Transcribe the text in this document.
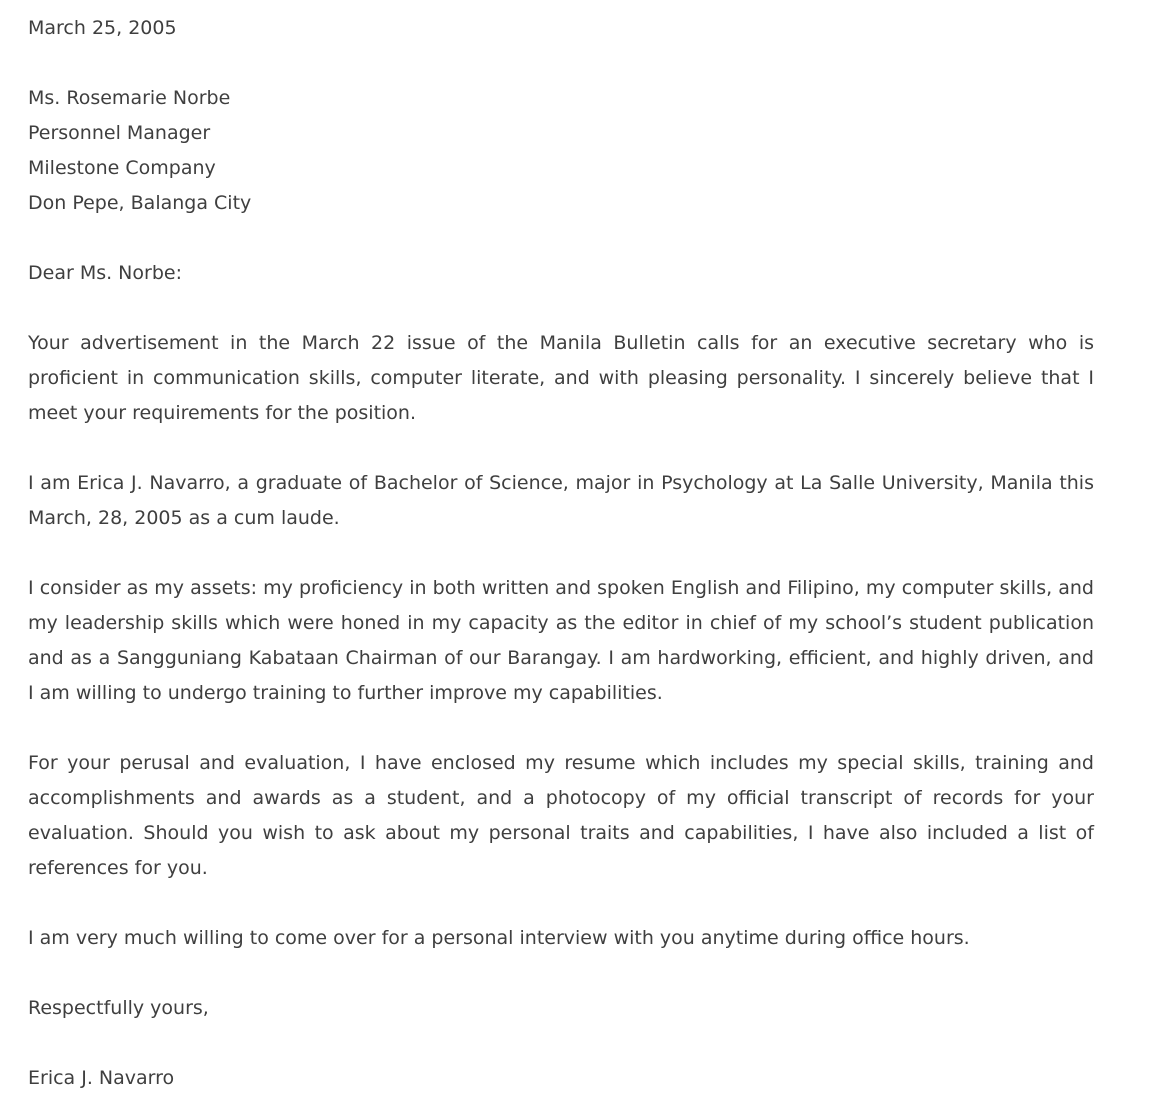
March 25, 2005

Ms. Rosemarie Norbe

Personnel Manager

Milestone Company

Don Pepe, Balanga City

Dear Ms. Norbe:

Your advertisement in the March 22 issue of the Manila Bulletin calls for an executive secretary who is proficient in communication skills, computer literate, and with pleasing personality. I sincerely believe that I meet your requirements for the position.

I am Erica J. Navarro, a graduate of Bachelor of Science, major in Psychology at La Salle University, Manila this March, 28, 2005 as a cum laude.

I consider as my assets: my proficiency in both written and spoken English and Filipino, my computer skills, and my leadership skills which were honed in my capacity as the editor in chief of my school’s student publication and as a Sangguniang Kabataan Chairman of our Barangay. I am hardworking, efficient, and highly driven, and I am willing to undergo training to further improve my capabilities.

For your perusal and evaluation, I have enclosed my resume which includes my special skills, training and accomplishments and awards as a student, and a photocopy of my official transcript of records for your evaluation. Should you wish to ask about my personal traits and capabilities, I have also included a list of references for you.

I am very much willing to come over for a personal interview with you anytime during office hours.

Respectfully yours,

Erica J. Navarro
